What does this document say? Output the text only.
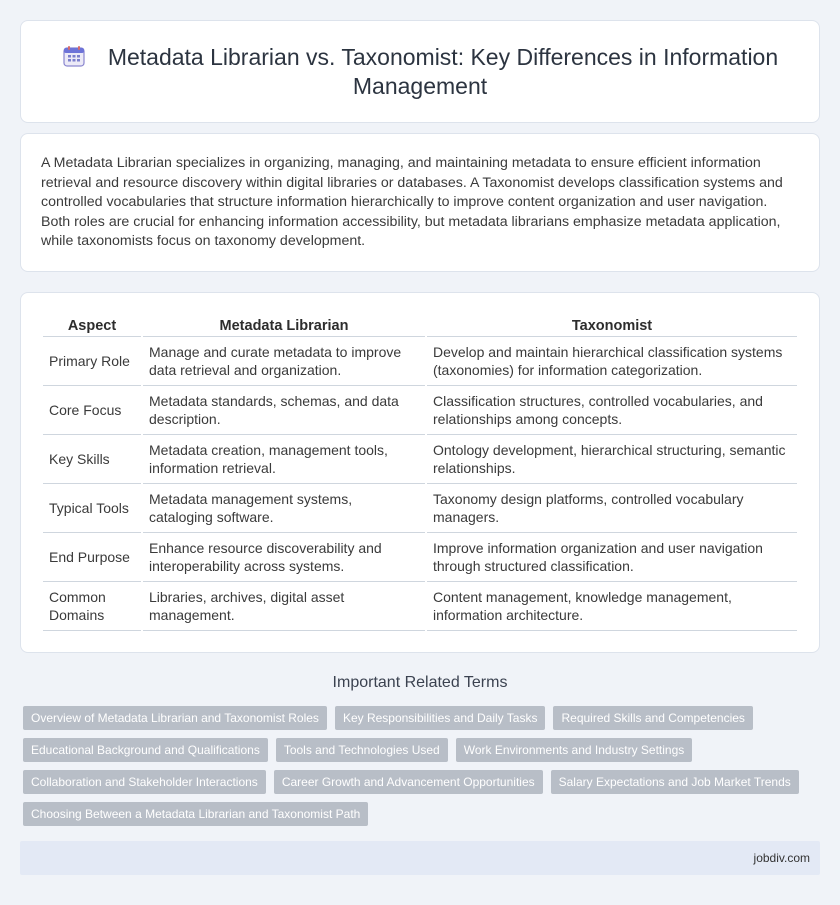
Metadata Librarian vs. Taxonomist: Key Differences in Information Management

A Metadata Librarian specializes in organizing, managing, and maintaining metadata to ensure efficient information retrieval and resource discovery within digital libraries or databases. A Taxonomist develops classification systems and controlled vocabularies that structure information hierarchically to improve content organization and user navigation. Both roles are crucial for enhancing information accessibility, but metadata librarians emphasize metadata application, while taxonomists focus on taxonomy development.

Aspect	Metadata Librarian	Taxonomist
Primary Role	Manage and curate metadata to improve data retrieval and organization.	Develop and maintain hierarchical classification systems (taxonomies) for information categorization.
Core Focus	Metadata standards, schemas, and data description.	Classification structures, controlled vocabularies, and relationships among concepts.
Key Skills	Metadata creation, management tools, information retrieval.	Ontology development, hierarchical structuring, semantic relationships.
Typical Tools	Metadata management systems, cataloging software.	Taxonomy design platforms, controlled vocabulary managers.
End Purpose	Enhance resource discoverability and interoperability across systems.	Improve information organization and user navigation through structured classification.
Common Domains	Libraries, archives, digital asset management.	Content management, knowledge management, information architecture.
Important Related Terms
Overview of Metadata Librarian and Taxonomist Roles	Key Responsibilities and Daily Tasks	Required Skills and Competencies
Educational Background and Qualifications	Tools and Technologies Used	Work Environments and Industry Settings
Collaboration and Stakeholder Interactions	Career Growth and Advancement Opportunities	Salary Expectations and Job Market Trends
Choosing Between a Metadata Librarian and Taxonomist Path
jobdiv.com
